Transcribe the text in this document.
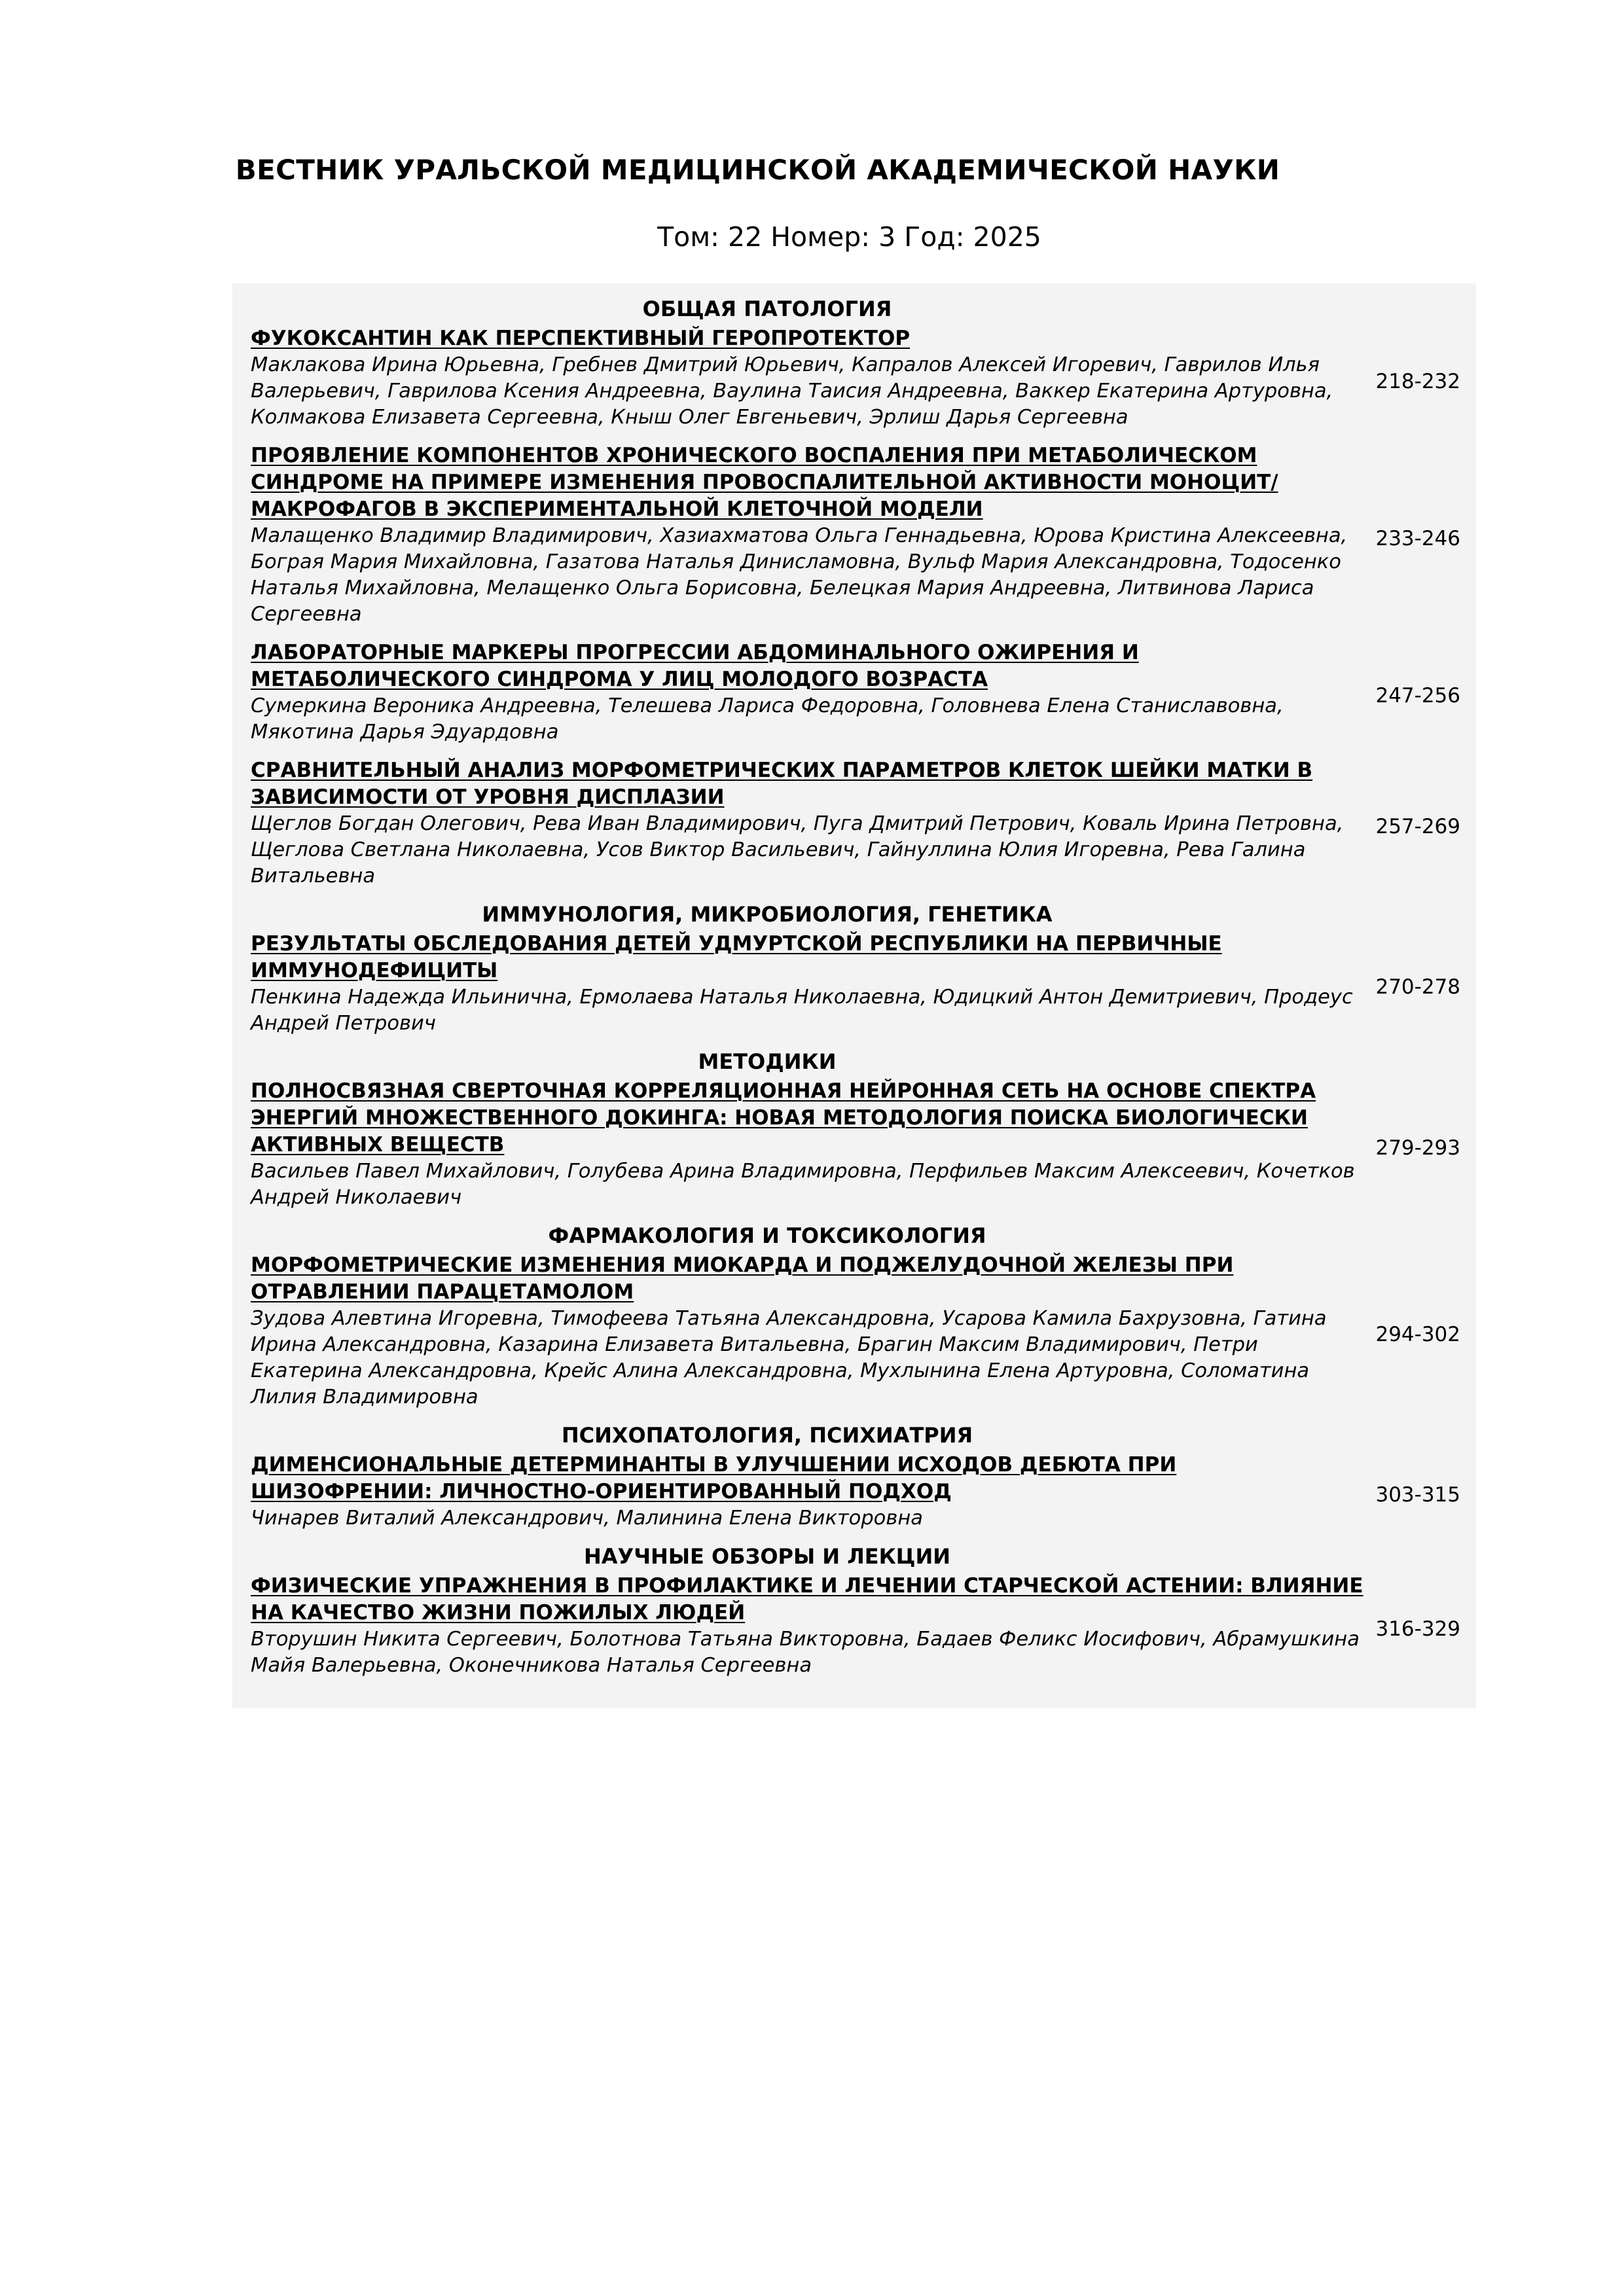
ВЕСТНИК УРАЛЬСКОЙ МЕДИЦИНСКОЙ АКАДЕМИЧЕСКОЙ НАУКИ
Том: 22 Номер: 3 Год: 2025
ОБЩАЯ ПАТОЛОГИЯ
ФУКОКСАНТИН КАК ПЕРСПЕКТИВНЫЙ ГЕРОПРОТЕКТОР
Маклакова Ирина Юрьевна, Гребнев Дмитрий Юрьевич, Капралов Алексей Игоревич, Гаврилов Илья Валерьевич, Гаврилова Ксения Андреевна, Ваулина Таисия Андреевна, Ваккер Екатерина Артуровна, Колмакова Елизавета Сергеевна, Кныш Олег Евгеньевич, Эрлиш Дарья Сергеевна
218-232
ПРОЯВЛЕНИЕ КОМПОНЕНТОВ ХРОНИЧЕСКОГО ВОСПАЛЕНИЯ ПРИ МЕТАБОЛИЧЕСКОМ СИНДРОМЕ НА ПРИМЕРЕ ИЗМЕНЕНИЯ ПРОВОСПАЛИТЕЛЬНОЙ АКТИВНОСТИ МОНОЦИТ/МАКРОФАГОВ В ЭКСПЕРИМЕНТАЛЬНОЙ КЛЕТОЧНОЙ МОДЕЛИ
Малащенко Владимир Владимирович, Хазиахматова Ольга Геннадьевна, Юрова Кристина Алексеевна, Бограя Мария Михайловна, Газатова Наталья Динисламовна, Вульф Мария Александровна, Тодосенко Наталья Михайловна, Мелащенко Ольга Борисовна, Белецкая Мария Андреевна, Литвинова Лариса Сергеевна
233-246
ЛАБОРАТОРНЫЕ МАРКЕРЫ ПРОГРЕССИИ АБДОМИНАЛЬНОГО ОЖИРЕНИЯ И МЕТАБОЛИЧЕСКОГО СИНДРОМА У ЛИЦ МОЛОДОГО ВОЗРАСТА
Сумеркина Вероника Андреевна, Телешева Лариса Федоровна, Головнева Елена Станиславовна, Мякотина Дарья Эдуардовна
247-256
СРАВНИТЕЛЬНЫЙ АНАЛИЗ МОРФОМЕТРИЧЕСКИХ ПАРАМЕТРОВ КЛЕТОК ШЕЙКИ МАТКИ В ЗАВИСИМОСТИ ОТ УРОВНЯ ДИСПЛАЗИИ
Щеглов Богдан Олегович, Рева Иван Владимирович, Пуга Дмитрий Петрович, Коваль Ирина Петровна, Щеглова Светлана Николаевна, Усов Виктор Васильевич, Гайнуллина Юлия Игоревна, Рева Галина Витальевна
257-269
ИММУНОЛОГИЯ, МИКРОБИОЛОГИЯ, ГЕНЕТИКА
РЕЗУЛЬТАТЫ ОБСЛЕДОВАНИЯ ДЕТЕЙ УДМУРТСКОЙ РЕСПУБЛИКИ НА ПЕРВИЧНЫЕ ИММУНОДЕФИЦИТЫ
Пенкина Надежда Ильинична, Ермолаева Наталья Николаевна, Юдицкий Антон Демитриевич, Продеус Андрей Петрович
270-278
МЕТОДИКИ
ПОЛНОСВЯЗНАЯ СВЕРТОЧНАЯ КОРРЕЛЯЦИОННАЯ НЕЙРОННАЯ СЕТЬ НА ОСНОВЕ СПЕКТРА ЭНЕРГИЙ МНОЖЕСТВЕННОГО ДОКИНГА: НОВАЯ МЕТОДОЛОГИЯ ПОИСКА БИОЛОГИЧЕСКИ АКТИВНЫХ ВЕЩЕСТВ
Васильев Павел Михайлович, Голубева Арина Владимировна, Перфильев Максим Алексеевич, Кочетков Андрей Николаевич
279-293
ФАРМАКОЛОГИЯ И ТОКСИКОЛОГИЯ
МОРФОМЕТРИЧЕСКИЕ ИЗМЕНЕНИЯ МИОКАРДА И ПОДЖЕЛУДОЧНОЙ ЖЕЛЕЗЫ ПРИ ОТРАВЛЕНИИ ПАРАЦЕТАМОЛОМ
Зудова Алевтина Игоревна, Тимофеева Татьяна Александровна, Усарова Камила Бахрузовна, Гатина Ирина Александровна, Казарина Елизавета Витальевна, Брагин Максим Владимирович, Петри Екатерина Александровна, Крейс Алина Александровна, Мухлынина Елена Артуровна, Соломатина Лилия Владимировна
294-302
ПСИХОПАТОЛОГИЯ, ПСИХИАТРИЯ
ДИМЕНСИОНАЛЬНЫЕ ДЕТЕРМИНАНТЫ В УЛУЧШЕНИИ ИСХОДОВ ДЕБЮТА ПРИ ШИЗОФРЕНИИ: ЛИЧНОСТНО-ОРИЕНТИРОВАННЫЙ ПОДХОД
Чинарев Виталий Александрович, Малинина Елена Викторовна
303-315
НАУЧНЫЕ ОБЗОРЫ И ЛЕКЦИИ
ФИЗИЧЕСКИЕ УПРАЖНЕНИЯ В ПРОФИЛАКТИКЕ И ЛЕЧЕНИИ СТАРЧЕСКОЙ АСТЕНИИ: ВЛИЯНИЕ НА КАЧЕСТВО ЖИЗНИ ПОЖИЛЫХ ЛЮДЕЙ
Вторушин Никита Сергеевич, Болотнова Татьяна Викторовна, Бадаев Феликс Иосифович, Абрамушкина Майя Валерьевна, Оконечникова Наталья Сергеевна
316-329
